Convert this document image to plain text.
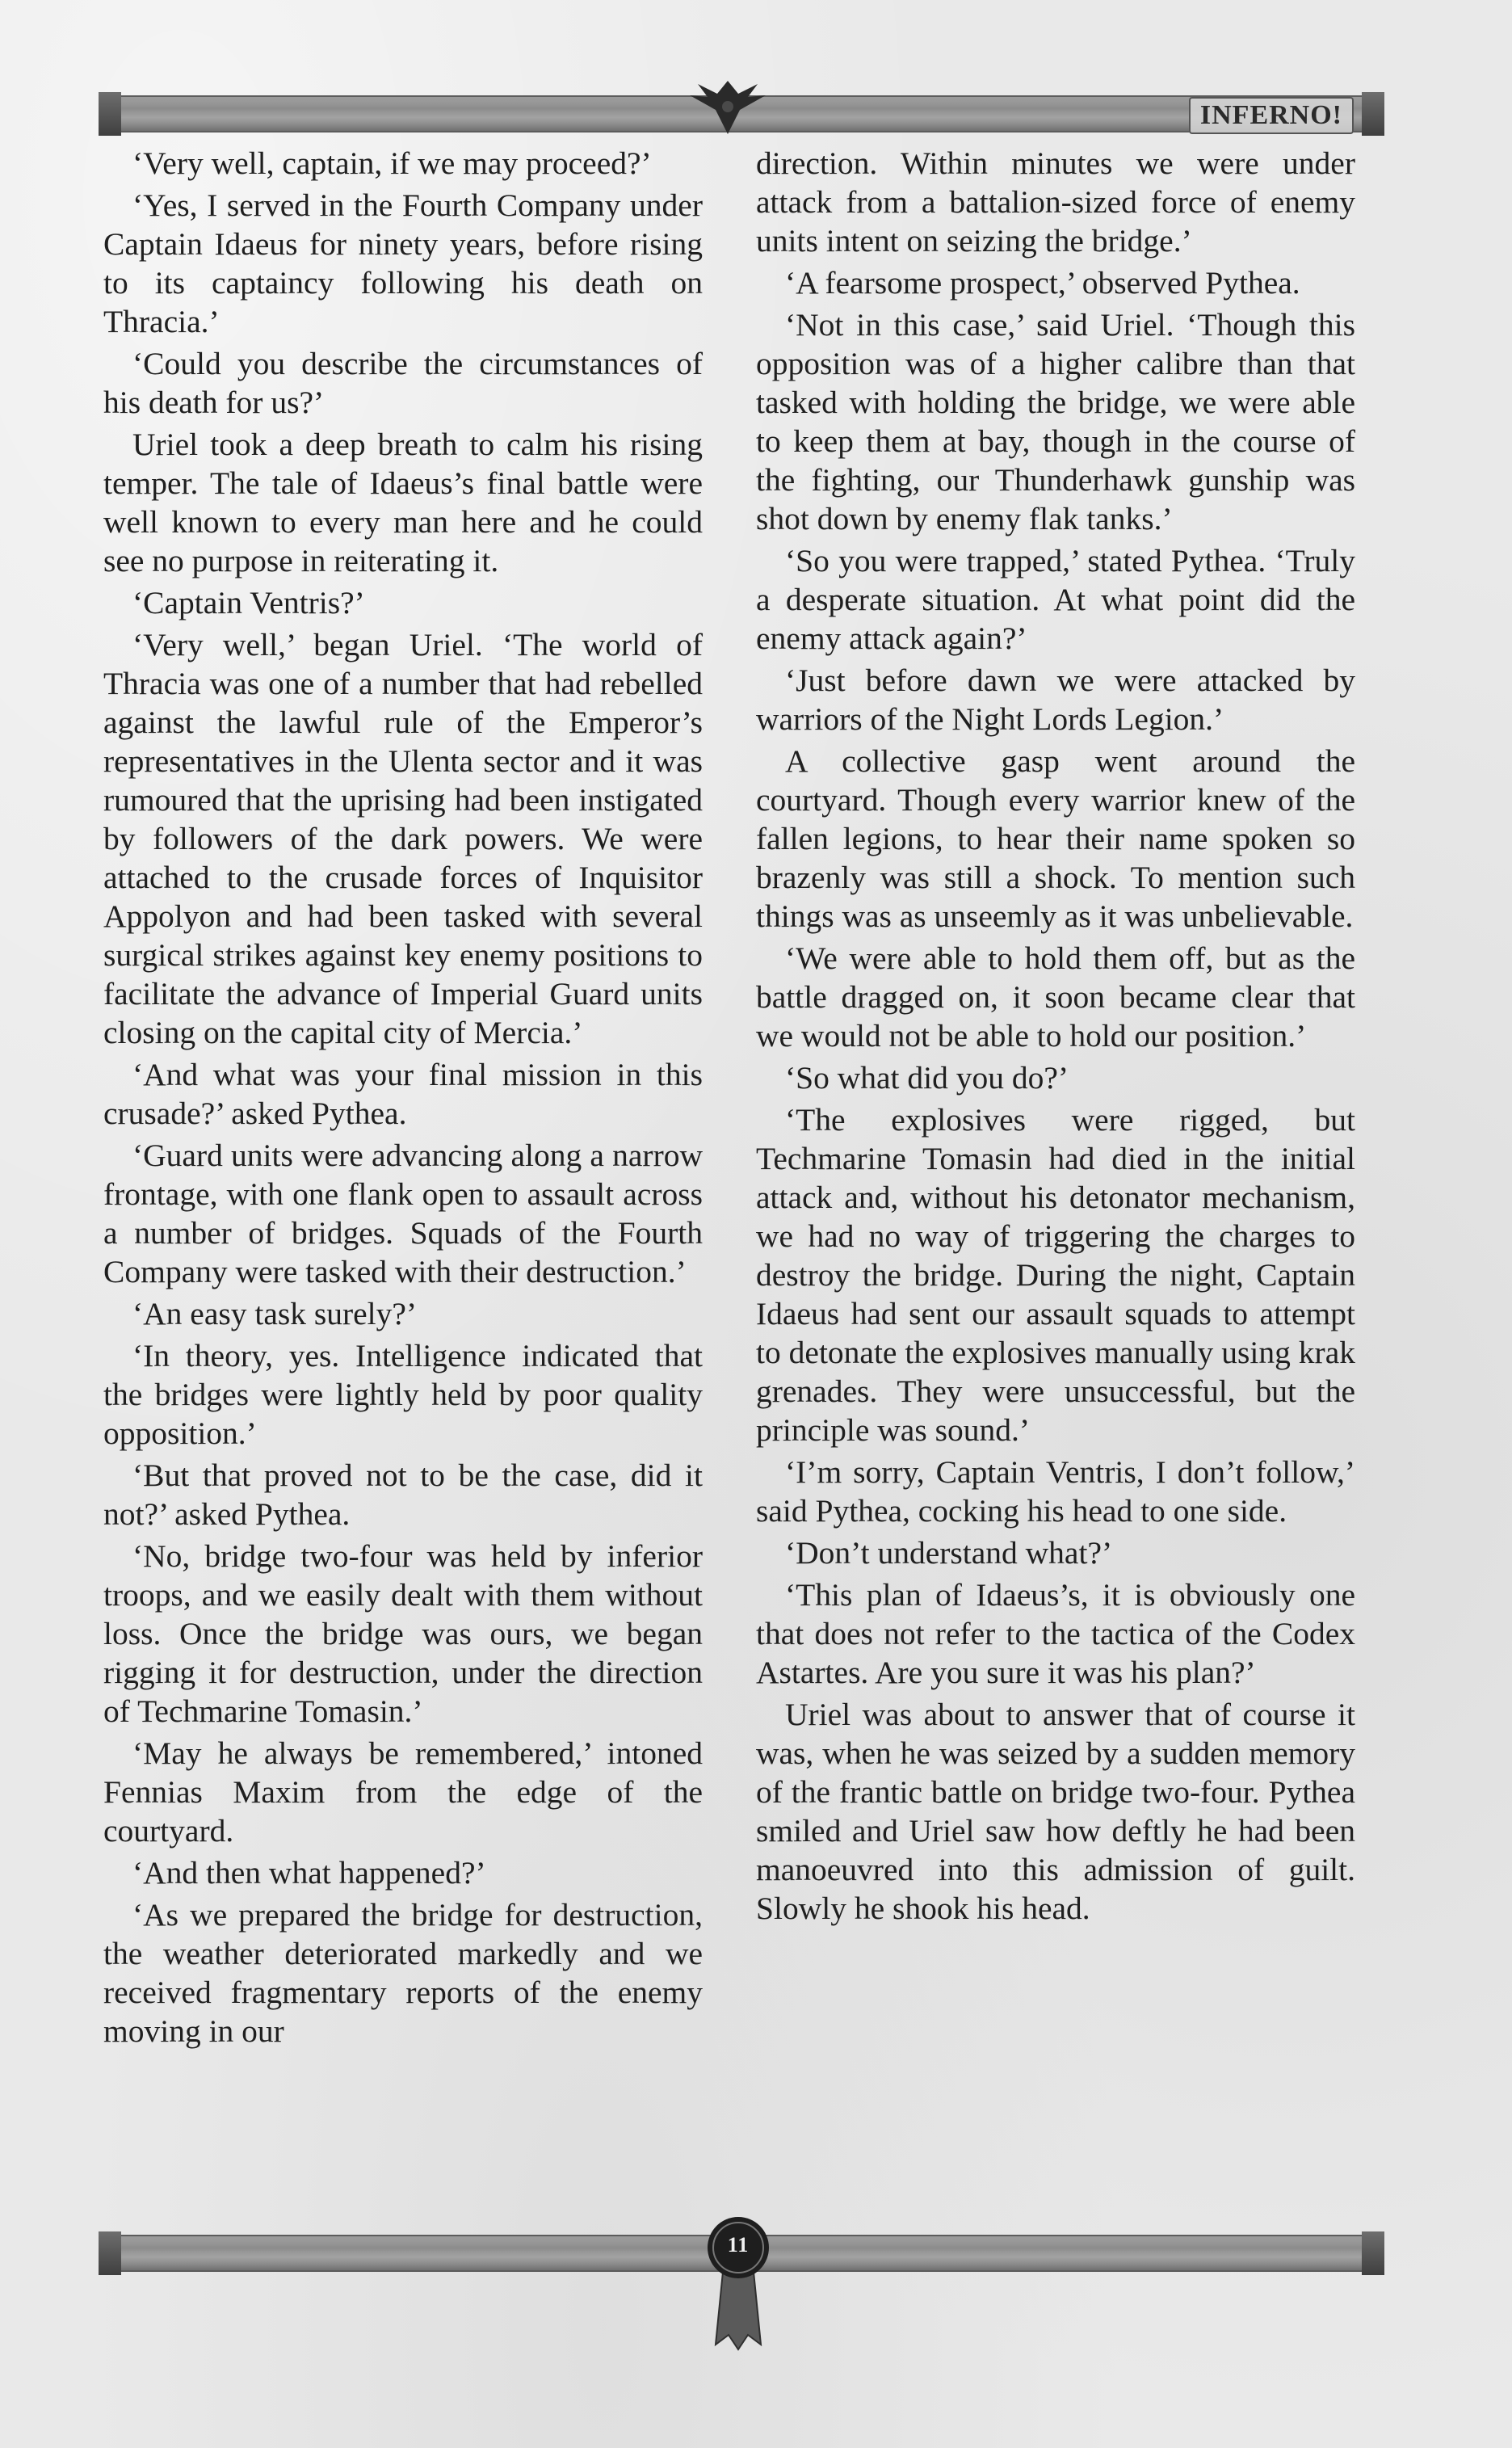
INFERNO!

‘Very well, captain, if we may proceed?’

‘Yes, I served in the Fourth Company under Captain Idaeus for ninety years, before rising to its captaincy following his death on Thracia.’

‘Could you describe the circumstances of his death for us?’

Uriel took a deep breath to calm his rising temper. The tale of Idaeus’s final battle were well known to every man here and he could see no purpose in reiterating it.

‘Captain Ventris?’

‘Very well,’ began Uriel. ‘The world of Thracia was one of a number that had rebelled against the lawful rule of the Emperor’s representatives in the Ulenta sector and it was rumoured that the uprising had been instigated by followers of the dark powers. We were attached to the crusade forces of Inquisitor Appolyon and had been tasked with several surgical strikes against key enemy positions to facilitate the advance of Imperial Guard units closing on the capital city of Mercia.’

‘And what was your final mission in this crusade?’ asked Pythea.

‘Guard units were advancing along a narrow frontage, with one flank open to assault across a number of bridges. Squads of the Fourth Company were tasked with their destruction.’

‘An easy task surely?’

‘In theory, yes. Intelligence indicated that the bridges were lightly held by poor quality opposition.’

‘But that proved not to be the case, did it not?’ asked Pythea.

‘No, bridge two-four was held by inferior troops, and we easily dealt with them without loss. Once the bridge was ours, we began rigging it for destruction, under the direction of Techmarine Tomasin.’

‘May he always be remembered,’ intoned Fennias Maxim from the edge of the courtyard.

‘And then what happened?’

‘As we prepared the bridge for destruction, the weather deteriorated markedly and we received fragmentary reports of the enemy moving in our

direction. Within minutes we were under attack from a battalion-sized force of enemy units intent on seizing the bridge.’

‘A fearsome prospect,’ observed Pythea.

‘Not in this case,’ said Uriel. ‘Though this opposition was of a higher calibre than that tasked with holding the bridge, we were able to keep them at bay, though in the course of the fighting, our Thunderhawk gunship was shot down by enemy flak tanks.’

‘So you were trapped,’ stated Pythea. ‘Truly a desperate situation. At what point did the enemy attack again?’

‘Just before dawn we were attacked by warriors of the Night Lords Legion.’

A collective gasp went around the courtyard. Though every warrior knew of the fallen legions, to hear their name spoken so brazenly was still a shock. To mention such things was as unseemly as it was unbelievable.

‘We were able to hold them off, but as the battle dragged on, it soon became clear that we would not be able to hold our position.’

‘So what did you do?’

‘The explosives were rigged, but Techmarine Tomasin had died in the initial attack and, without his detonator mechanism, we had no way of triggering the charges to destroy the bridge. During the night, Captain Idaeus had sent our assault squads to attempt to detonate the explosives manually using krak grenades. They were unsuccessful, but the principle was sound.’

‘I’m sorry, Captain Ventris, I don’t follow,’ said Pythea, cocking his head to one side.

‘Don’t understand what?’

‘This plan of Idaeus’s, it is obviously one that does not refer to the tactica of the Codex Astartes. Are you sure it was his plan?’

Uriel was about to answer that of course it was, when he was seized by a sudden memory of the frantic battle on bridge two-four. Pythea smiled and Uriel saw how deftly he had been manoeuvred into this admission of guilt. Slowly he shook his head.

11
